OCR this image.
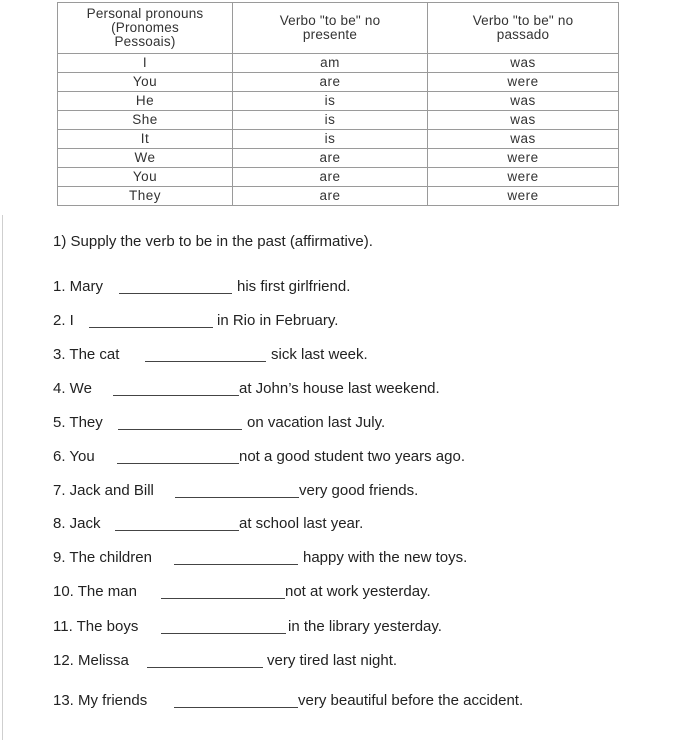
Personal pronouns
(Pronomes
Pessoais)	Verbo "to be" no
presente	Verbo "to be" no
passado
I	am	was
You	are	were
He	is	was
She	is	was
It	is	was
We	are	were
You	are	were
They	are	were
1) Supply the verb to be in the past (affirmative).
1. Mary	his first girlfriend.
2. I	in Rio in February.
3. The cat	sick last week.
4. We	at John’s house last weekend.
5. They	on vacation last July.
6. You	not a good student two years ago.
7. Jack and Bill	very good friends.
8. Jack	at school last year.
9. The children	happy with the new toys.
10. The man	not at work yesterday.
11. The boys	in the library yesterday.
12. Melissa	very tired last night.
13. My friends	very beautiful before the accident.
